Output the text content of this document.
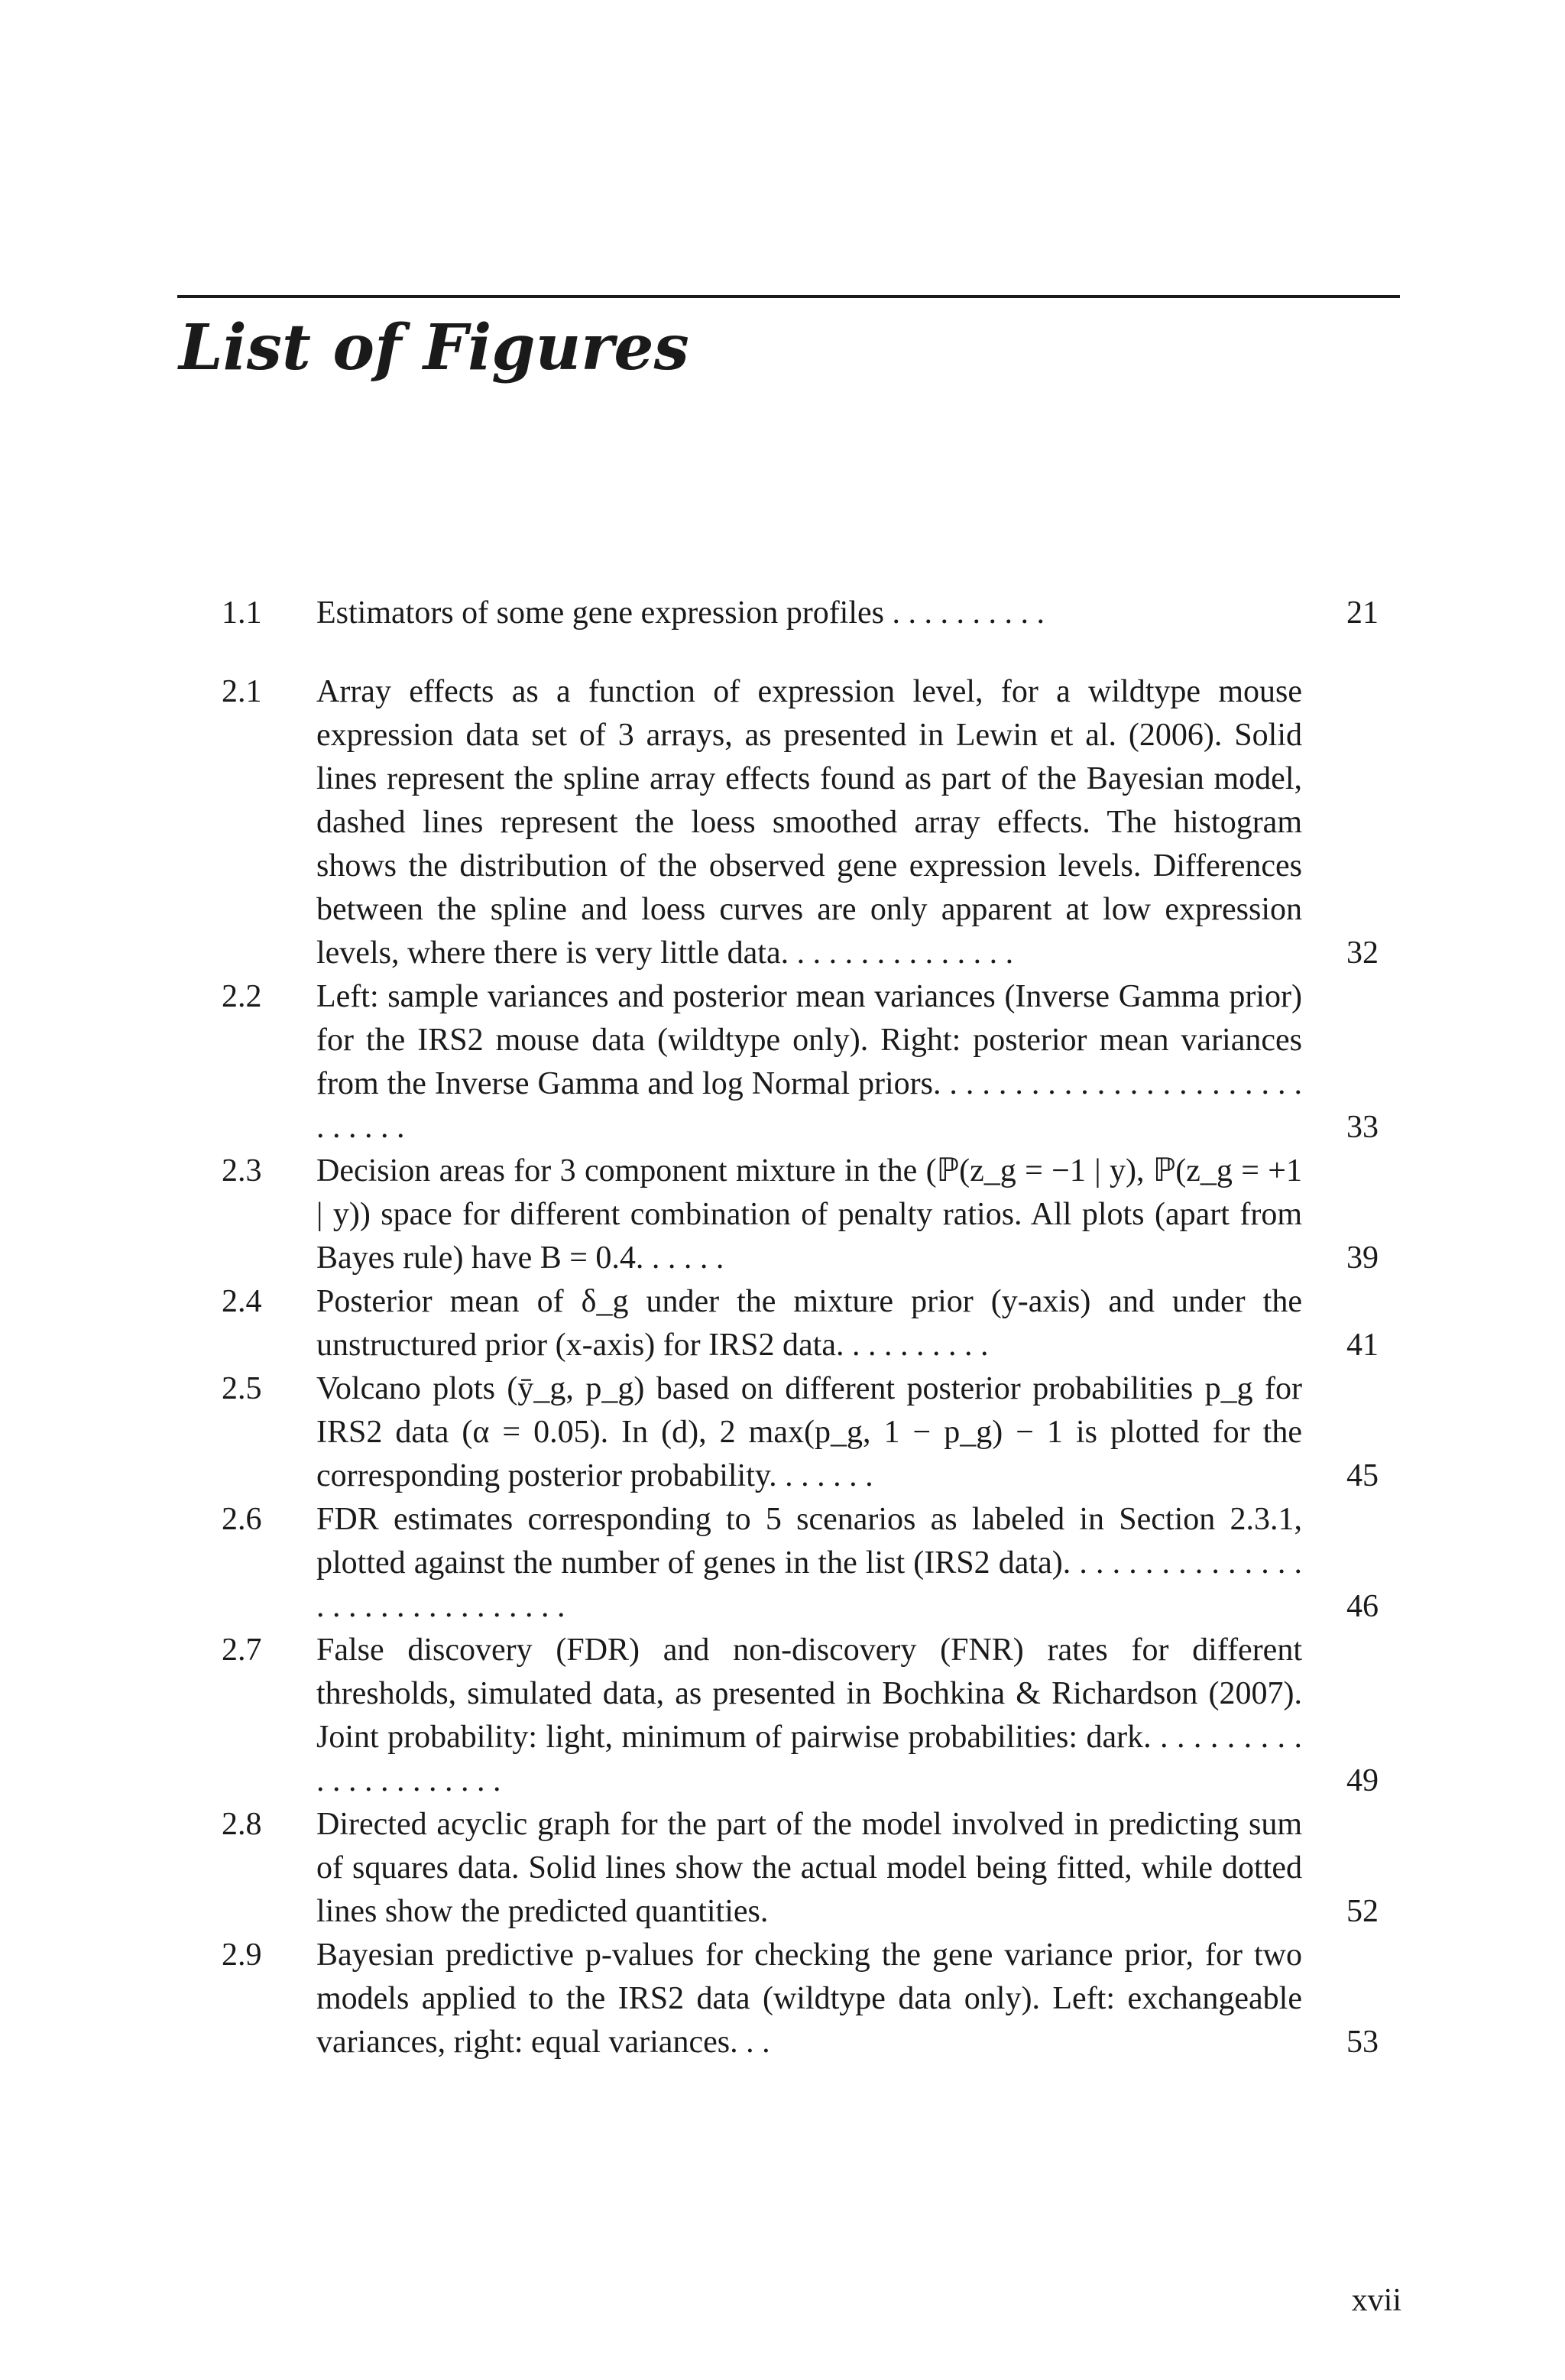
List of Figures
1.1	Estimators of some gene expression profiles . . . . . . . . . .	21
2.1	Array effects as a function of expression level, for a wildtype mouse expression data set of 3 arrays, as presented in Lewin et al. (2006). Solid lines represent the spline array effects found as part of the Bayesian model, dashed lines represent the loess smoothed array effects. The histogram shows the distribution of the observed gene expression levels. Differences between the spline and loess curves are only apparent at low expression levels, where there is very little data. . . . . . . . . . . . . . .	32
2.2	Left: sample variances and posterior mean variances (Inverse Gamma prior) for the IRS2 mouse data (wildtype only). Right: posterior mean variances from the Inverse Gamma and log Normal priors. . . . . . . . . . . . . . . . . . . . . . . . . . . . .	33
2.3	Decision areas for 3 component mixture in the (ℙ(z_g = −1 | y), ℙ(z_g = +1 | y)) space for different combination of penalty ratios. All plots (apart from Bayes rule) have B = 0.4. . . . . .	39
2.4	Posterior mean of δ_g under the mixture prior (y-axis) and under the unstructured prior (x-axis) for IRS2 data. . . . . . . . . .	41
2.5	Volcano plots (ȳ_g, p_g) based on different posterior probabilities p_g for IRS2 data (α = 0.05). In (d), 2 max(p_g, 1 − p_g) − 1 is plotted for the corresponding posterior probability. . . . . . .	45
2.6	FDR estimates corresponding to 5 scenarios as labeled in Section 2.3.1, plotted against the number of genes in the list (IRS2 data). . . . . . . . . . . . . . . . . . . . . . . . . . . . . . .	46
2.7	False discovery (FDR) and non-discovery (FNR) rates for different thresholds, simulated data, as presented in Bochkina & Richardson (2007). Joint probability: light, minimum of pairwise probabilities: dark. . . . . . . . . . . . . . . . . . . . . .	49
2.8	Directed acyclic graph for the part of the model involved in predicting sum of squares data. Solid lines show the actual model being fitted, while dotted lines show the predicted quantities.	52
2.9	Bayesian predictive p-values for checking the gene variance prior, for two models applied to the IRS2 data (wildtype data only). Left: exchangeable variances, right: equal variances. . .	53
xvii
